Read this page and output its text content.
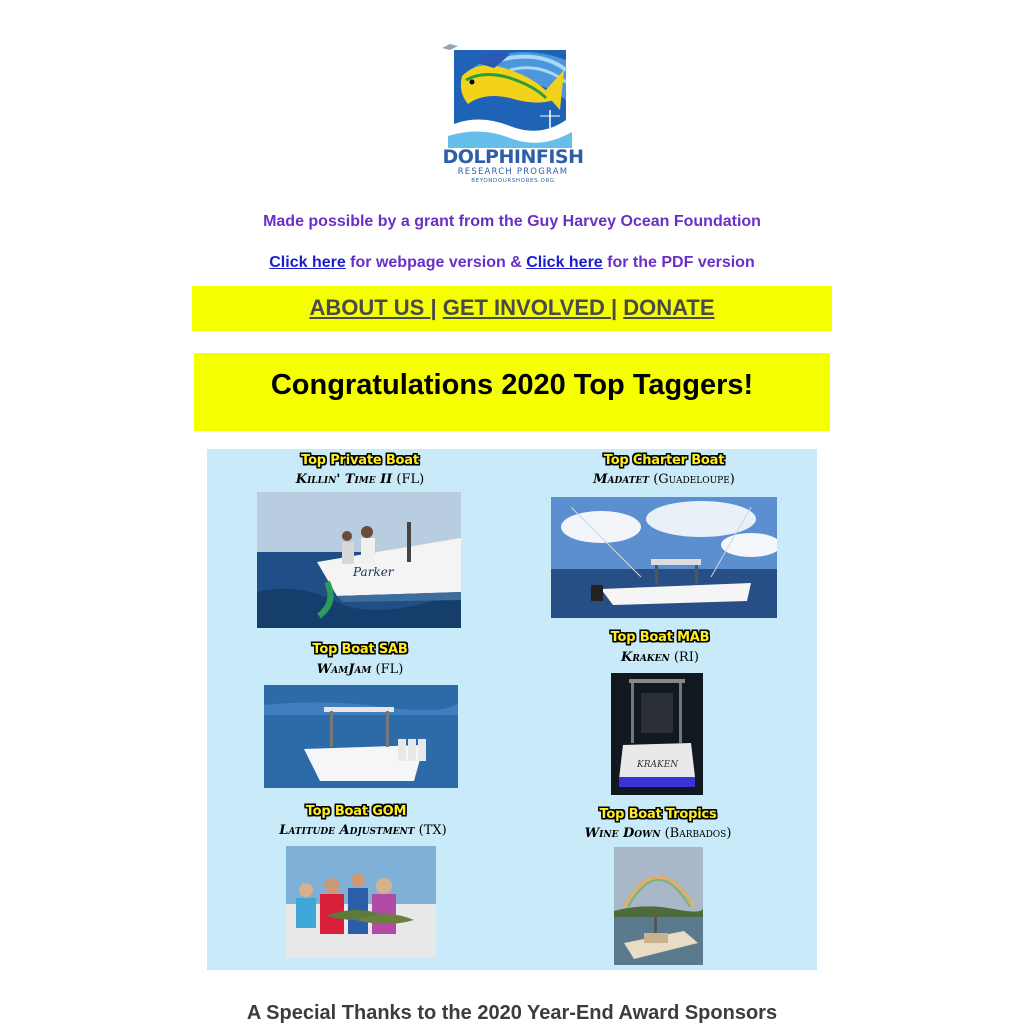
DOLPHINFISH
RESEARCH PROGRAM
BEYONDOURSHORES.ORG
Made possible by a grant from the Guy Harvey Ocean Foundation
Click here for webpage version & Click here for the PDF version
ABOUT US | GET INVOLVED | DONATE
Congratulations 2020 Top Taggers!
Top Private Boat
Killin' Time II (FL)
Parker
Top Charter Boat
Madatet (Guadeloupe)
Top Boat SAB
WamJam (FL)
Top Boat MAB
Kraken (RI)
KRAKEN
Top Boat GOM
Latitude Adjustment (TX)
Top Boat Tropics
Wine Down (Barbados)
A Special Thanks to the 2020 Year-End Award Sponsors
